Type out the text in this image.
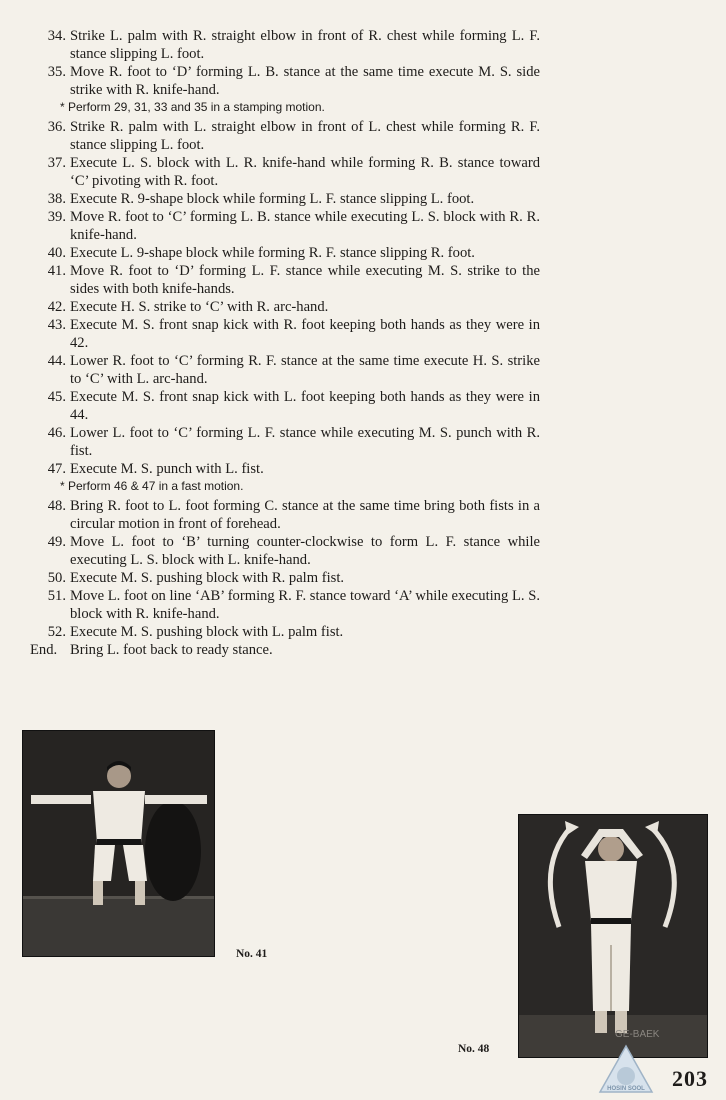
34. Strike L. palm with R. straight elbow in front of R. chest while forming L. F. stance slipping L. foot.
35. Move R. foot to ‘D’ forming L. B. stance at the same time execute M. S. side strike with R. knife-hand.
* Perform 29, 31, 33 and 35 in a stamping motion.
36. Strike R. palm with L. straight elbow in front of L. chest while forming R. F. stance slipping L. foot.
37. Execute L. S. block with L. R. knife-hand while forming R. B. stance toward ‘C’ pivoting with R. foot.
38. Execute R. 9-shape block while forming L. F. stance slipping L. foot.
39. Move R. foot to ‘C’ forming L. B. stance while executing L. S. block with R. R. knife-hand.
40. Execute L. 9-shape block while forming R. F. stance slipping R. foot.
41. Move R. foot to ‘D’ forming L. F. stance while executing M. S. strike to the sides with both knife-hands.
42. Execute H. S. strike to ‘C’ with R. arc-hand.
43. Execute M. S. front snap kick with R. foot keeping both hands as they were in 42.
44. Lower R. foot to ‘C’ forming R. F. stance at the same time execute H. S. strike to ‘C’ with L. arc-hand.
45. Execute M. S. front snap kick with L. foot keeping both hands as they were in 44.
46. Lower L. foot to ‘C’ forming L. F. stance while executing M. S. punch with R. fist.
47. Execute M. S. punch with L. fist.
* Perform 46 & 47 in a fast motion.
48. Bring R. foot to L. foot forming C. stance at the same time bring both fists in a circular motion in front of forehead.
49. Move L. foot to ‘B’ turning counter-clockwise to form L. F. stance while executing L. S. block with L. knife-hand.
50. Execute M. S. pushing block with R. palm fist.
51. Move L. foot on line ‘AB’ forming R. F. stance toward ‘A’ while executing L. S. block with R. knife-hand.
52. Execute M. S. pushing block with L. palm fist.
End. Bring L. foot back to ready stance.
No. 41
GE-BAEK
No. 48
HOSIN SOOL 203
